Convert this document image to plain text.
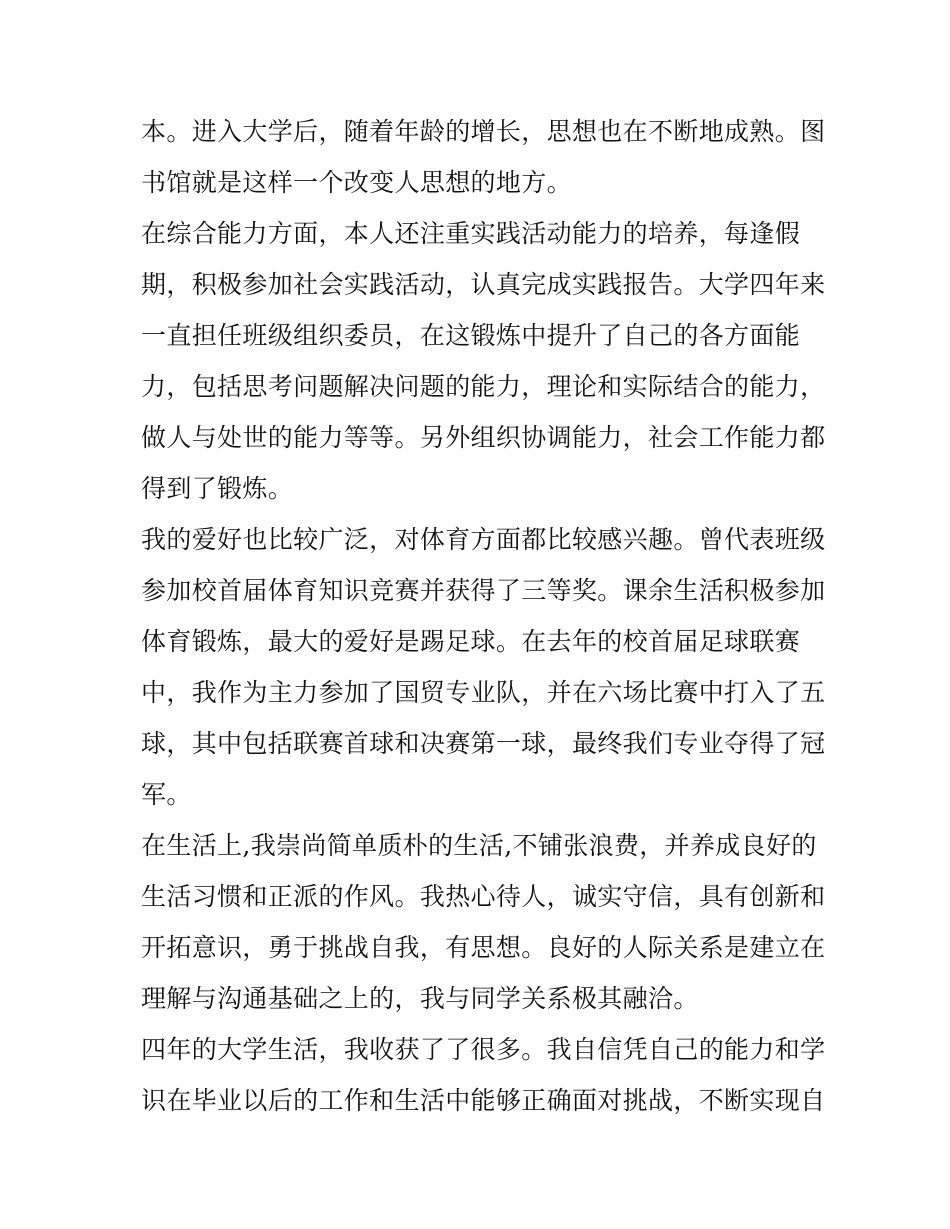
本。进入大学后，随着年龄的增长，思想也在不断地成熟。图
书馆就是这样一个改变人思想的地方。
在综合能力方面，本人还注重实践活动能力的培养，每逢假
期，积极参加社会实践活动，认真完成实践报告。大学四年来
一直担任班级组织委员，在这锻炼中提升了自己的各方面能
力，包括思考问题解决问题的能力，理论和实际结合的能力，
做人与处世的能力等等。另外组织协调能力，社会工作能力都
得到了锻炼。
我的爱好也比较广泛，对体育方面都比较感兴趣。曾代表班级
参加校首届体育知识竞赛并获得了三等奖。课余生活积极参加
体育锻炼，最大的爱好是踢足球。在去年的校首届足球联赛
中，我作为主力参加了国贸专业队，并在六场比赛中打入了五
球，其中包括联赛首球和决赛第一球，最终我们专业夺得了冠
军。
在生活上,我崇尚简单质朴的生活,不铺张浪费，并养成良好的
生活习惯和正派的作风。我热心待人，诚实守信，具有创新和
开拓意识，勇于挑战自我，有思想。良好的人际关系是建立在
理解与沟通基础之上的，我与同学关系极其融洽。
四年的大学生活，我收获了了很多。我自信凭自己的能力和学
识在毕业以后的工作和生活中能够正确面对挑战，不断实现自
